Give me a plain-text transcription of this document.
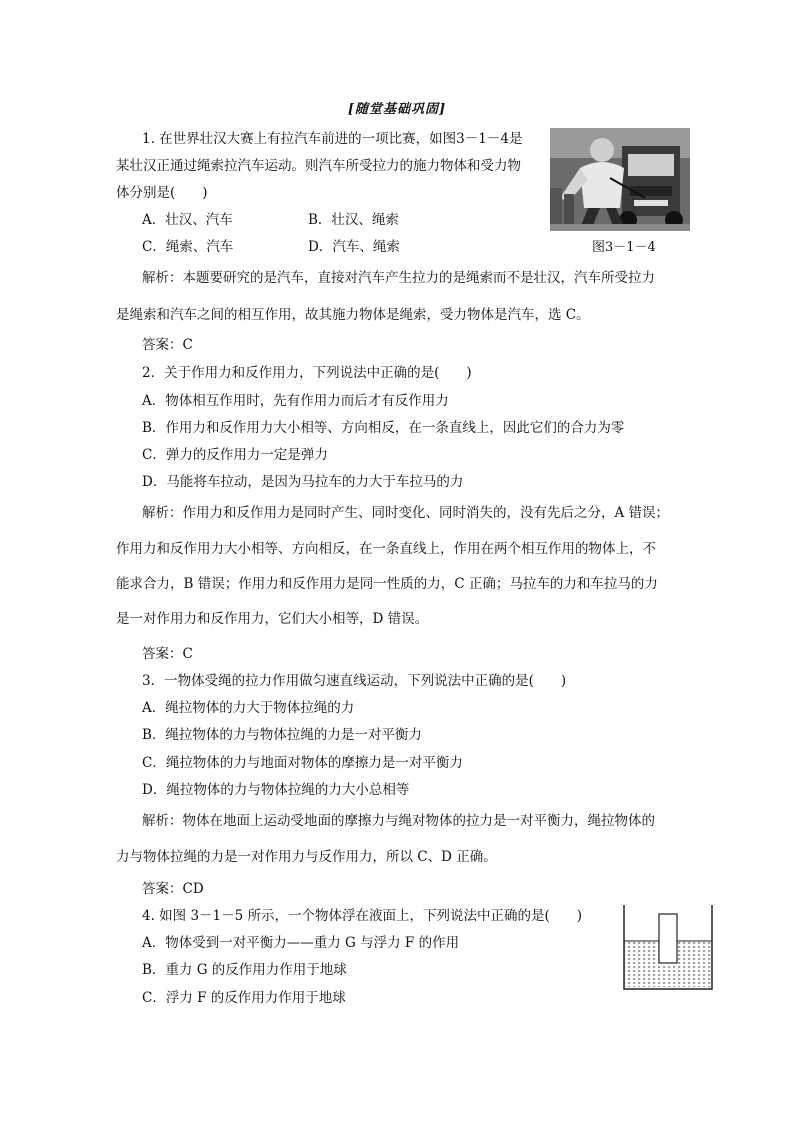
[随堂基础巩固]
1. 在世界壮汉大赛上有拉汽车前进的一项比赛，如图3－1－4是
某壮汉正通过绳索拉汽车运动。则汽车所受拉力的施力物体和受力物
体分别是(　　)
A．壮汉、汽车	B．壮汉、绳索
C．绳索、汽车	D．汽车、绳索	图3－1－4
解析：本题要研究的是汽车，直接对汽车产生拉力的是绳索而不是壮汉，汽车所受拉力
是绳索和汽车之间的相互作用，故其施力物体是绳索，受力物体是汽车，选 C。
答案：C
2．关于作用力和反作用力，下列说法中正确的是(　　)
A．物体相互作用时，先有作用力而后才有反作用力
B．作用力和反作用力大小相等、方向相反，在一条直线上，因此它们的合力为零
C．弹力的反作用力一定是弹力
D．马能将车拉动，是因为马拉车的力大于车拉马的力
解析：作用力和反作用力是同时产生、同时变化、同时消失的，没有先后之分，A 错误；
作用力和反作用力大小相等、方向相反，在一条直线上，作用在两个相互作用的物体上，不
能求合力，B 错误；作用力和反作用力是同一性质的力，C 正确；马拉车的力和车拉马的力
是一对作用力和反作用力，它们大小相等，D 错误。
答案：C
3．一物体受绳的拉力作用做匀速直线运动，下列说法中正确的是(　　)
A．绳拉物体的力大于物体拉绳的力
B．绳拉物体的力与物体拉绳的力是一对平衡力
C．绳拉物体的力与地面对物体的摩擦力是一对平衡力
D．绳拉物体的力与物体拉绳的力大小总相等
解析：物体在地面上运动受地面的摩擦力与绳对物体的拉力是一对平衡力，绳拉物体的
力与物体拉绳的力是一对作用力与反作用力，所以 C、D 正确。
答案：CD
4. 如图 3－1－5 所示，一个物体浮在液面上，下列说法中正确的是(　　)
A．物体受到一对平衡力——重力 G 与浮力 F 的作用
B．重力 G 的反作用力作用于地球
C．浮力 F 的反作用力作用于地球
